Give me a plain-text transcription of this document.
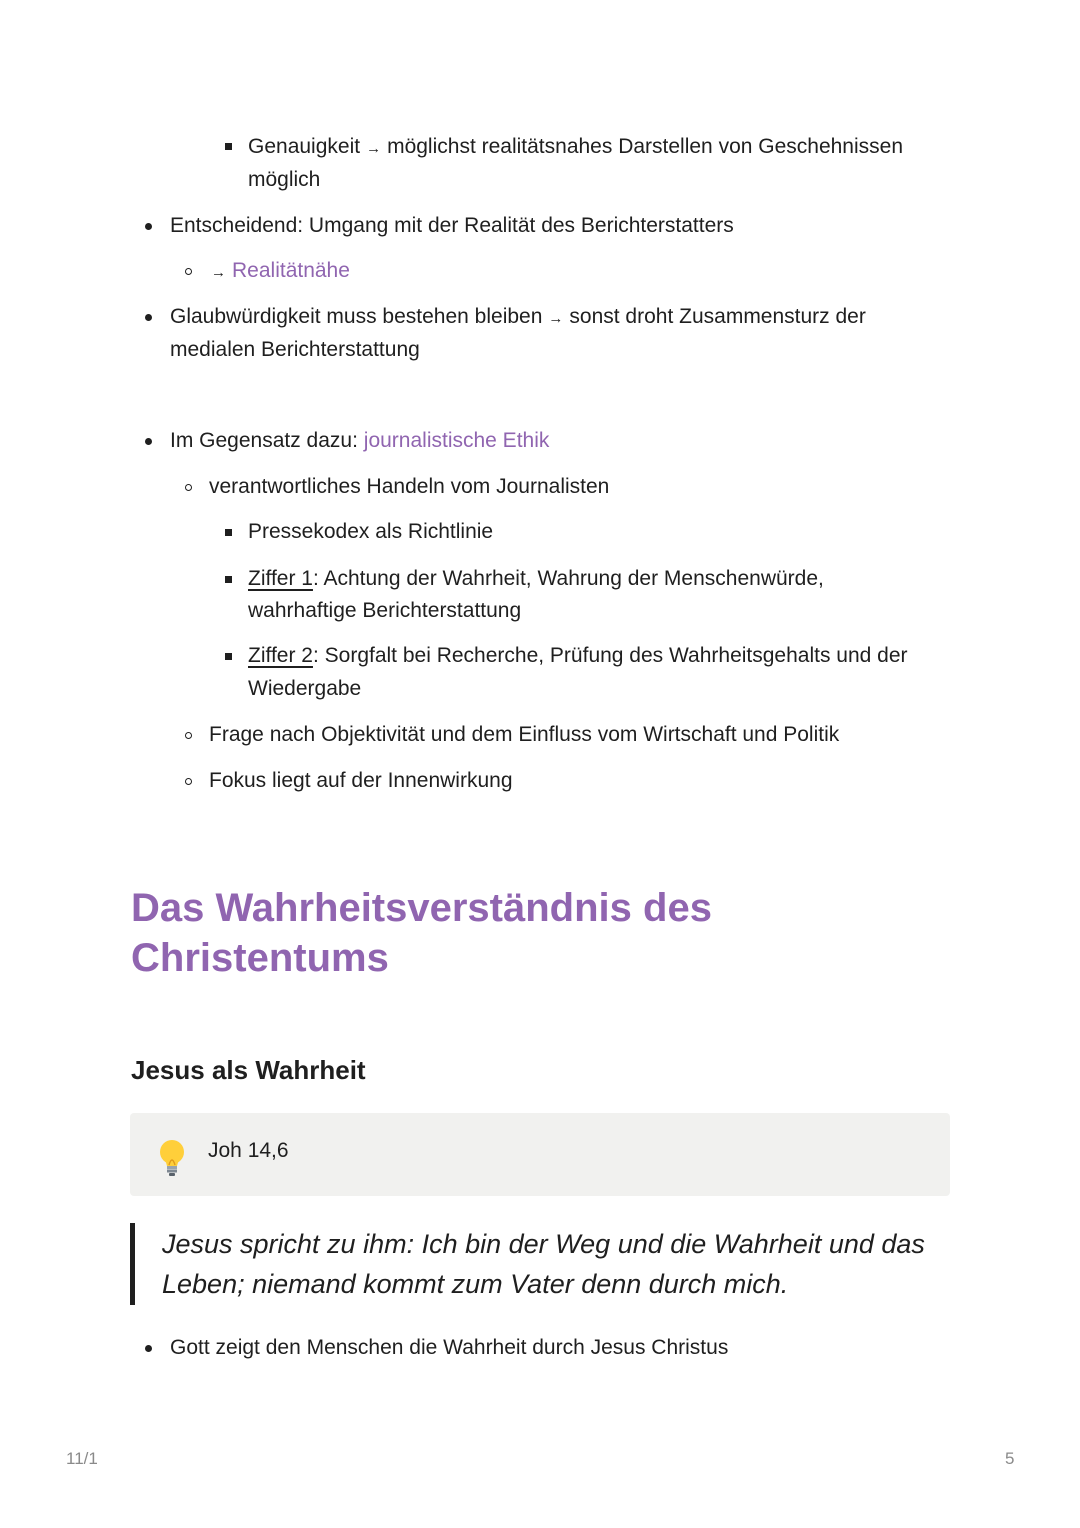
Genauigkeit → möglichst realitätsnahes Darstellen von Geschehnissen
möglich
Entscheidend: Umgang mit der Realität des Berichterstatters
→ Realitätnähe
Glaubwürdigkeit muss bestehen bleiben → sonst droht Zusammensturz der
medialen Berichterstattung
Im Gegensatz dazu: journalistische Ethik
verantwortliches Handeln vom Journalisten
Pressekodex als Richtlinie
Ziffer 1: Achtung der Wahrheit, Wahrung der Menschenwürde,
wahrhaftige Berichterstattung
Ziffer 2: Sorgfalt bei Recherche, Prüfung des Wahrheitsgehalts und der
Wiedergabe
Frage nach Objektivität und dem Einfluss vom Wirtschaft und Politik
Fokus liegt auf der Innenwirkung
Das Wahrheitsverständnis des
Christentums
Jesus als Wahrheit
Joh 14,6
Jesus spricht zu ihm: Ich bin der Weg und die Wahrheit und das
Leben; niemand kommt zum Vater denn durch mich.
Gott zeigt den Menschen die Wahrheit durch Jesus Christus
11/1	5
